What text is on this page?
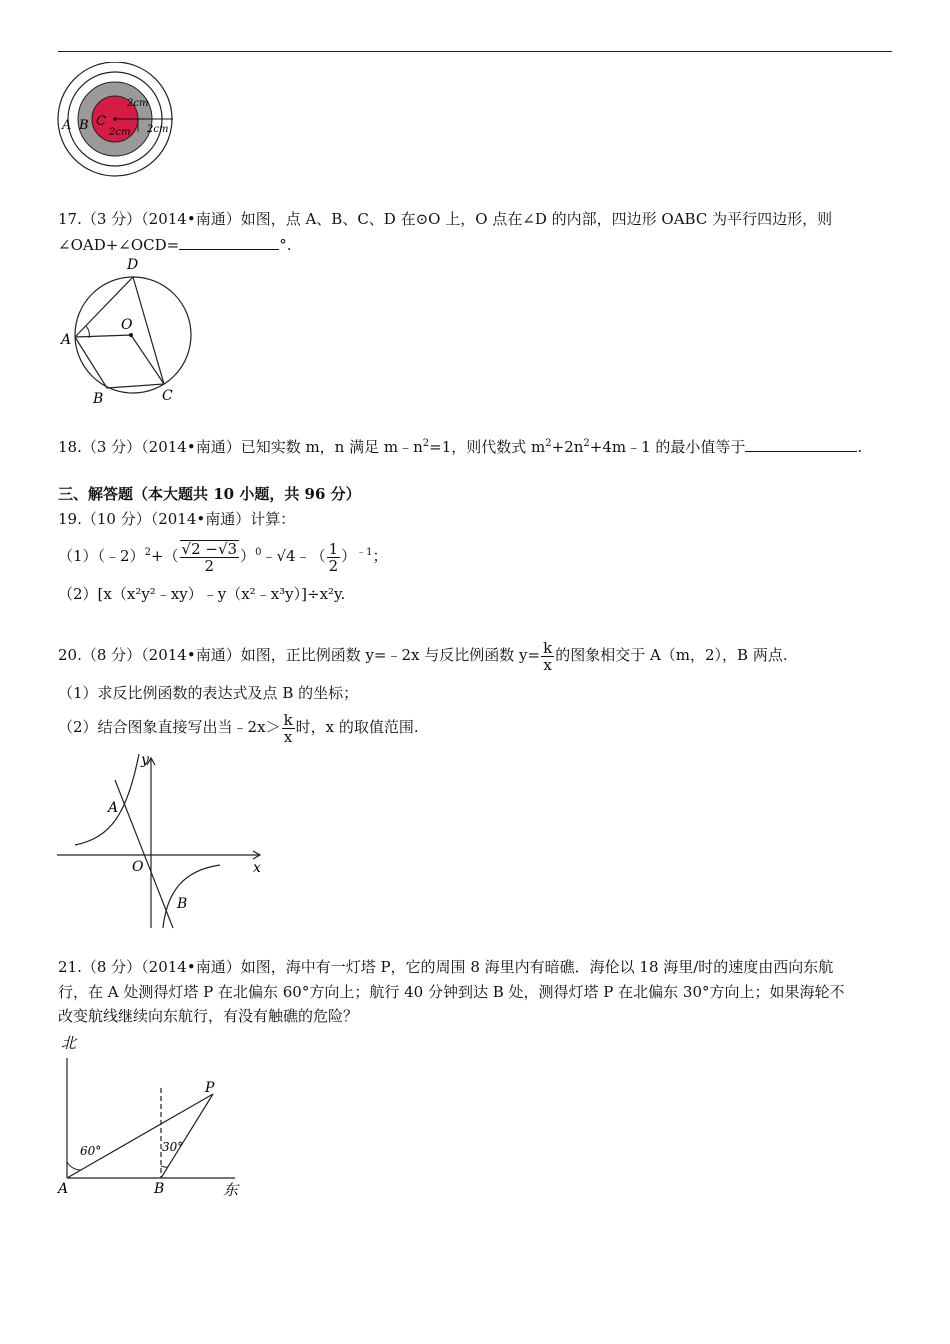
A B C
2cm
2cm 2cm
17.（3 分）（2014•南通）如图，点 A、B、C、D 在⊙O 上，O 点在∠D 的内部，四边形 OABC 为平行四边形，则
∠OAD+∠OCD=	°.
A
D
O
B	C
18.（3 分）（2014•南通）已知实数 m，n 满足 $m﹣n^2=1$，则代数式 $m^2+2n^2+4m﹣1$ 的最小值等于	.
三、解答题（本大题共 10 小题，共 96 分）
19.（10 分）（2014•南通）计算：
（1）（﹣2）$^2$+（ $\frac{√2 -√3}{2}$ ）$^0$﹣√4﹣（ $\frac{1}{2} )^{﹣1}$；
（2）[x（x²y²﹣xy）﹣y（x²﹣x³y）]÷x²y.
20.（8 分）（2014•南通）如图，正比例函数 y=﹣2x 与反比例函数 $y= \frac{k}{x}$ 的图象相交于 A（m，2），B 两点.
（1）求反比例函数的表达式及点 B 的坐标；
（2）结合图象直接写出当﹣2x＞ $\frac{k}{x}$ 时，x 的取值范围.
y
x
A
B
O
21.（8 分）（2014•南通）如图，海中有一灯塔 P，它的周围 8 海里内有暗礁．海伦以 18 海里/时的速度由西向东航
行，在 A 处测得灯塔 P 在北偏东 60°方向上；航行 40 分钟到达 B 处，测得灯塔 P 在北偏东 30°方向上；如果海轮不
改变航线继续向东航行，有没有触礁的危险？
北
东
A	B
P
60°	30°
